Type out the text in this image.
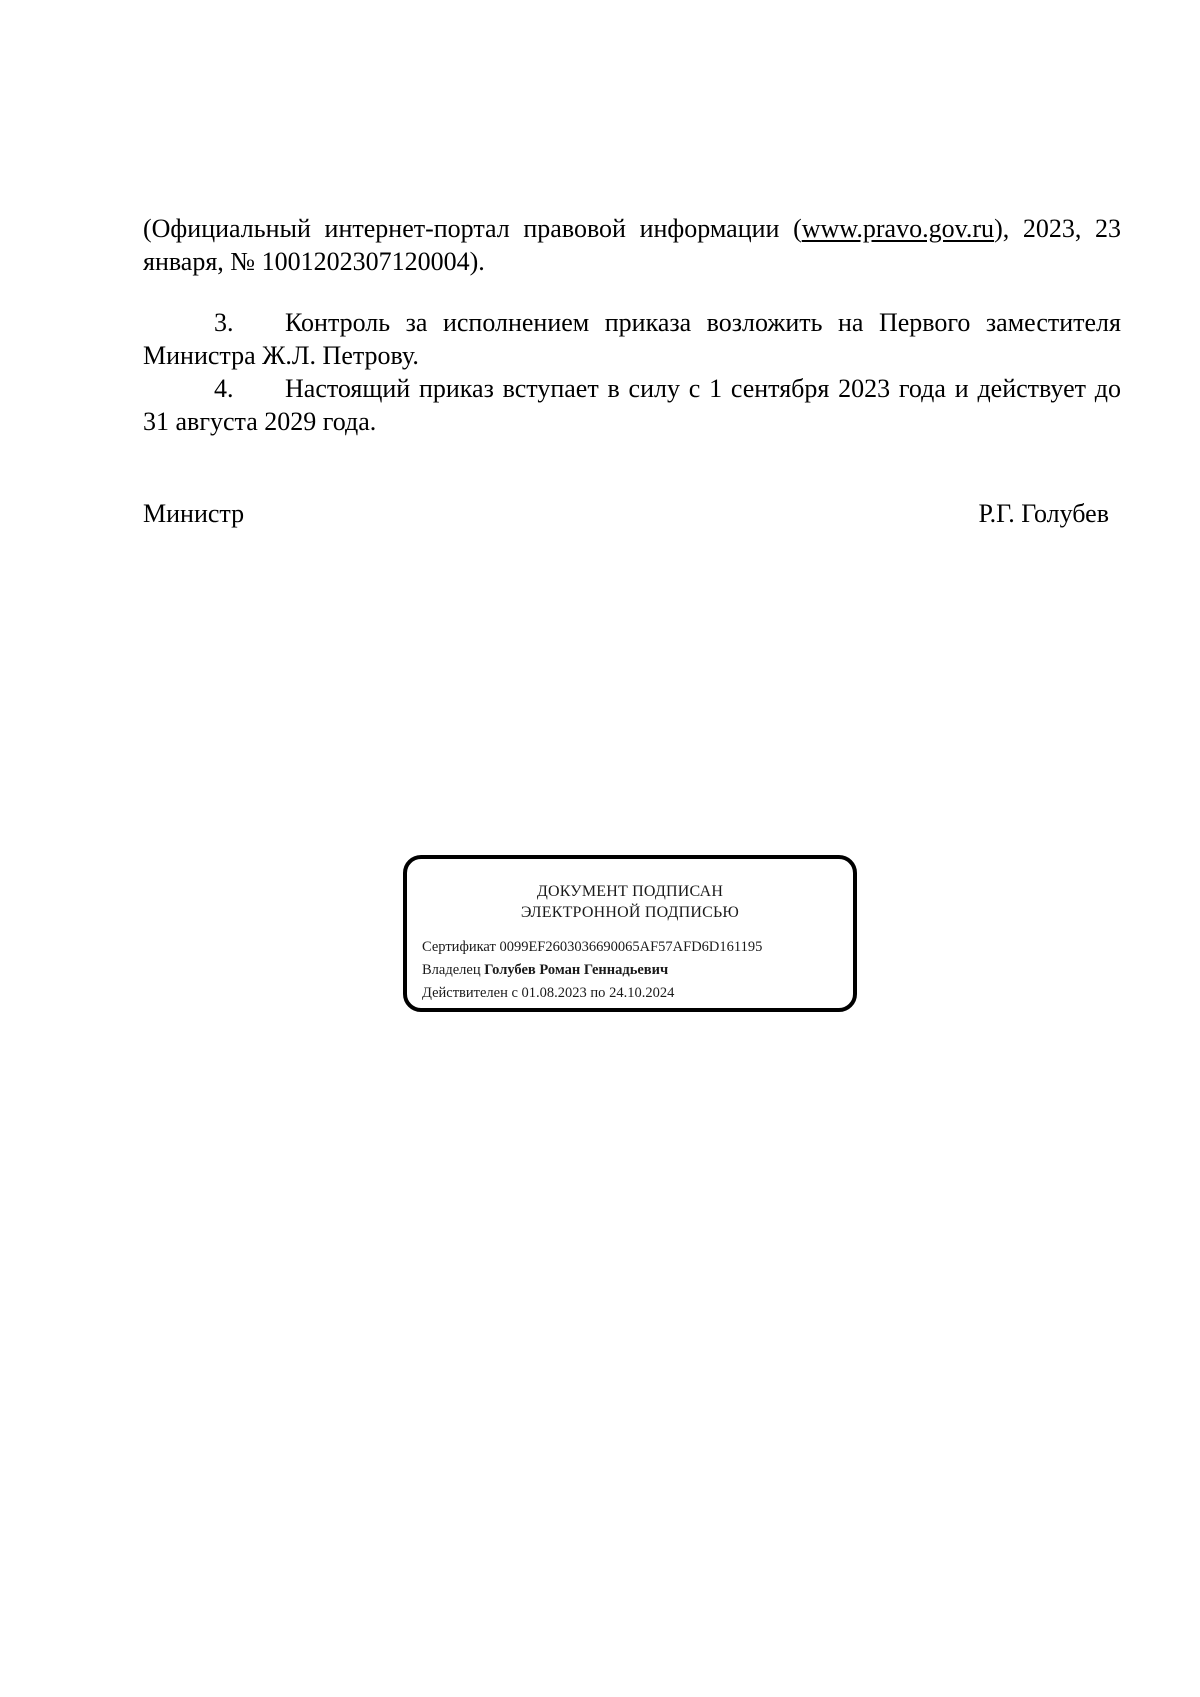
(Официальный интернет-портал правовой информации (www.pravo.gov.ru), 2023, 23 января, № 1001202307120004).

3. Контроль за исполнением приказа возложить на Первого заместителя Министра Ж.Л. Петрову.

4. Настоящий приказ вступает в силу с 1 сентября 2023 года и действует до 31 августа 2029 года.

Министр	Р.Г. Голубев
ДОКУМЕНТ ПОДПИСАН
ЭЛЕКТРОННОЙ ПОДПИСЬЮ
Сертификат 0099EF2603036690065AF57AFD6D161195
Владелец Голубев Роман Геннадьевич
Действителен с 01.08.2023 по 24.10.2024
